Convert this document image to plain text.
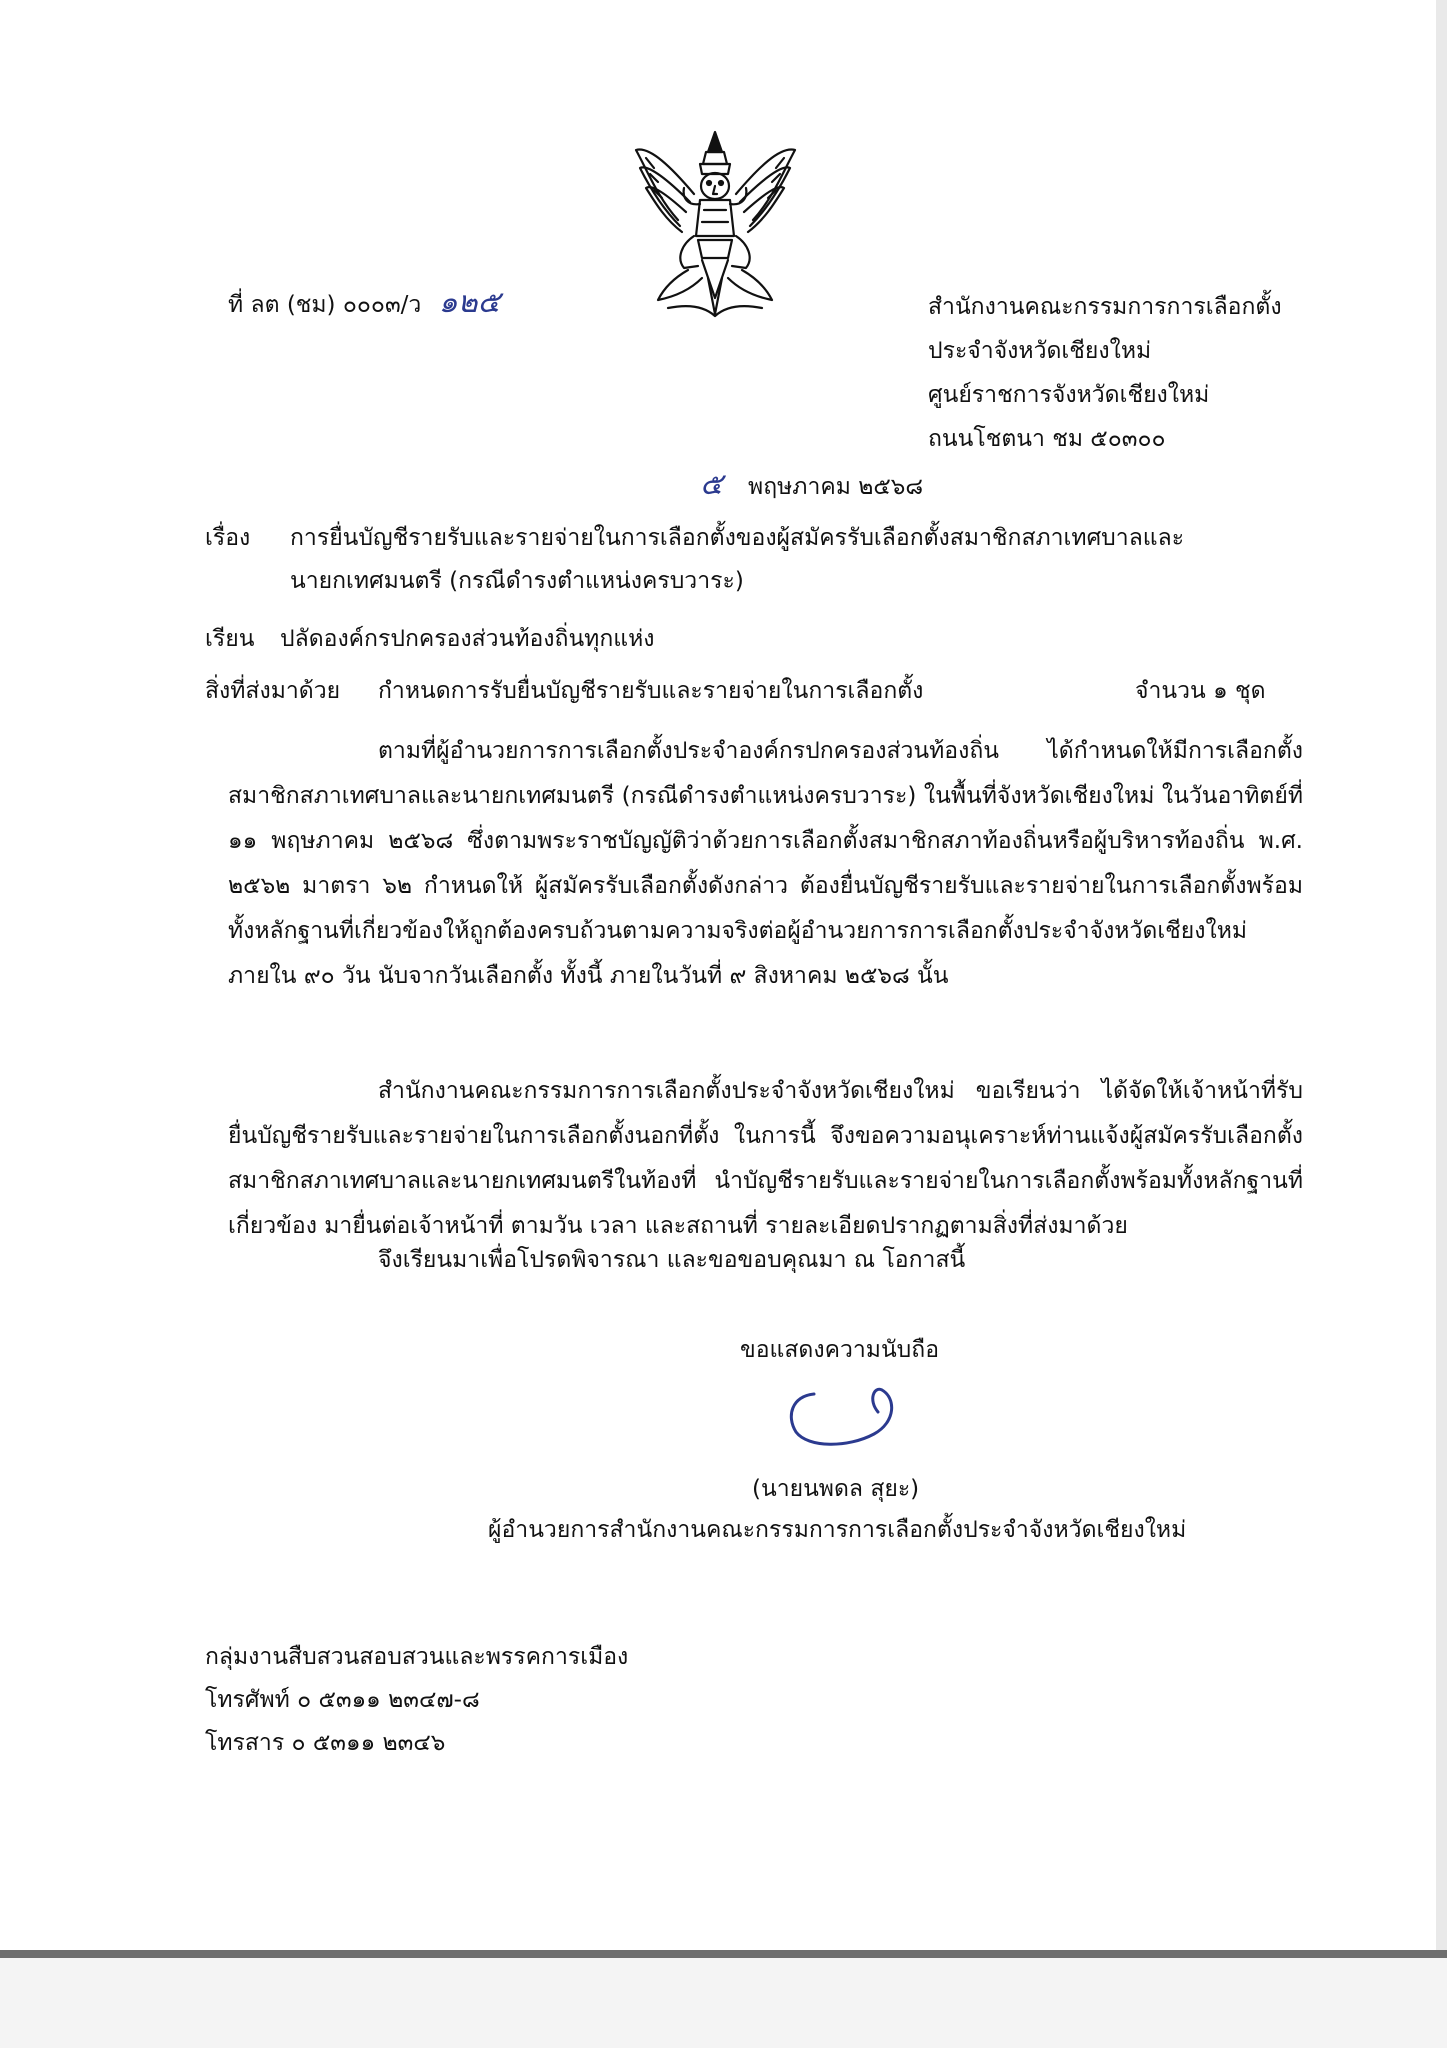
ที่ ลต (ชม) ๐๐๐๓/ว ๑๒๕	สำนักงานคณะกรรมการการเลือกตั้ง
ประจำจังหวัดเชียงใหม่
ศูนย์ราชการจังหวัดเชียงใหม่
ถนนโชตนา ชม ๕๐๓๐๐
๕ พฤษภาคม ๒๕๖๘
เรื่อง การยื่นบัญชีรายรับและรายจ่ายในการเลือกตั้งของผู้สมัครรับเลือกตั้งสมาชิกสภาเทศบาลและ
นายกเทศมนตรี (กรณีดำรงตำแหน่งครบวาระ)
เรียน ปลัดองค์กรปกครองส่วนท้องถิ่นทุกแห่ง
สิ่งที่ส่งมาด้วย กำหนดการรับยื่นบัญชีรายรับและรายจ่ายในการเลือกตั้ง	จำนวน ๑ ชุด
ตามที่ผู้อำนวยการการเลือกตั้งประจำองค์กรปกครองส่วนท้องถิ่น ได้กำหนดให้มีการเลือกตั้งสมาชิกสภาเทศบาลและนายกเทศมนตรี (กรณีดำรงตำแหน่งครบวาระ) ในพื้นที่จังหวัดเชียงใหม่ ในวันอาทิตย์ที่ ๑๑ พฤษภาคม ๒๕๖๘ ซึ่งตามพระราชบัญญัติว่าด้วยการเลือกตั้งสมาชิกสภาท้องถิ่นหรือผู้บริหารท้องถิ่น พ.ศ. ๒๕๖๒ มาตรา ๖๒ กำหนดให้ ผู้สมัครรับเลือกตั้งดังกล่าว ต้องยื่นบัญชีรายรับและรายจ่ายในการเลือกตั้งพร้อมทั้งหลักฐานที่เกี่ยวข้องให้ถูกต้องครบถ้วนตามความจริงต่อผู้อำนวยการการเลือกตั้งประจำจังหวัดเชียงใหม่ ภายใน ๙๐ วัน นับจากวันเลือกตั้ง ทั้งนี้ ภายในวันที่ ๙ สิงหาคม ๒๕๖๘ นั้น
สำนักงานคณะกรรมการการเลือกตั้งประจำจังหวัดเชียงใหม่ ขอเรียนว่า ได้จัดให้เจ้าหน้าที่รับยื่นบัญชีรายรับและรายจ่ายในการเลือกตั้งนอกที่ตั้ง ในการนี้ จึงขอความอนุเคราะห์ท่านแจ้งผู้สมัครรับเลือกตั้งสมาชิกสภาเทศบาลและนายกเทศมนตรีในท้องที่ นำบัญชีรายรับและรายจ่ายในการเลือกตั้งพร้อมทั้งหลักฐานที่เกี่ยวข้อง มายื่นต่อเจ้าหน้าที่ ตามวัน เวลา และสถานที่ รายละเอียดปรากฏตามสิ่งที่ส่งมาด้วย
จึงเรียนมาเพื่อโปรดพิจารณา และขอขอบคุณมา ณ โอกาสนี้
ขอแสดงความนับถือ
(นายนพดล สุยะ)
ผู้อำนวยการสำนักงานคณะกรรมการการเลือกตั้งประจำจังหวัดเชียงใหม่
กลุ่มงานสืบสวนสอบสวนและพรรคการเมือง
โทรศัพท์ ๐ ๕๓๑๑ ๒๓๔๗-๘
โทรสาร ๐ ๕๓๑๑ ๒๓๔๖
